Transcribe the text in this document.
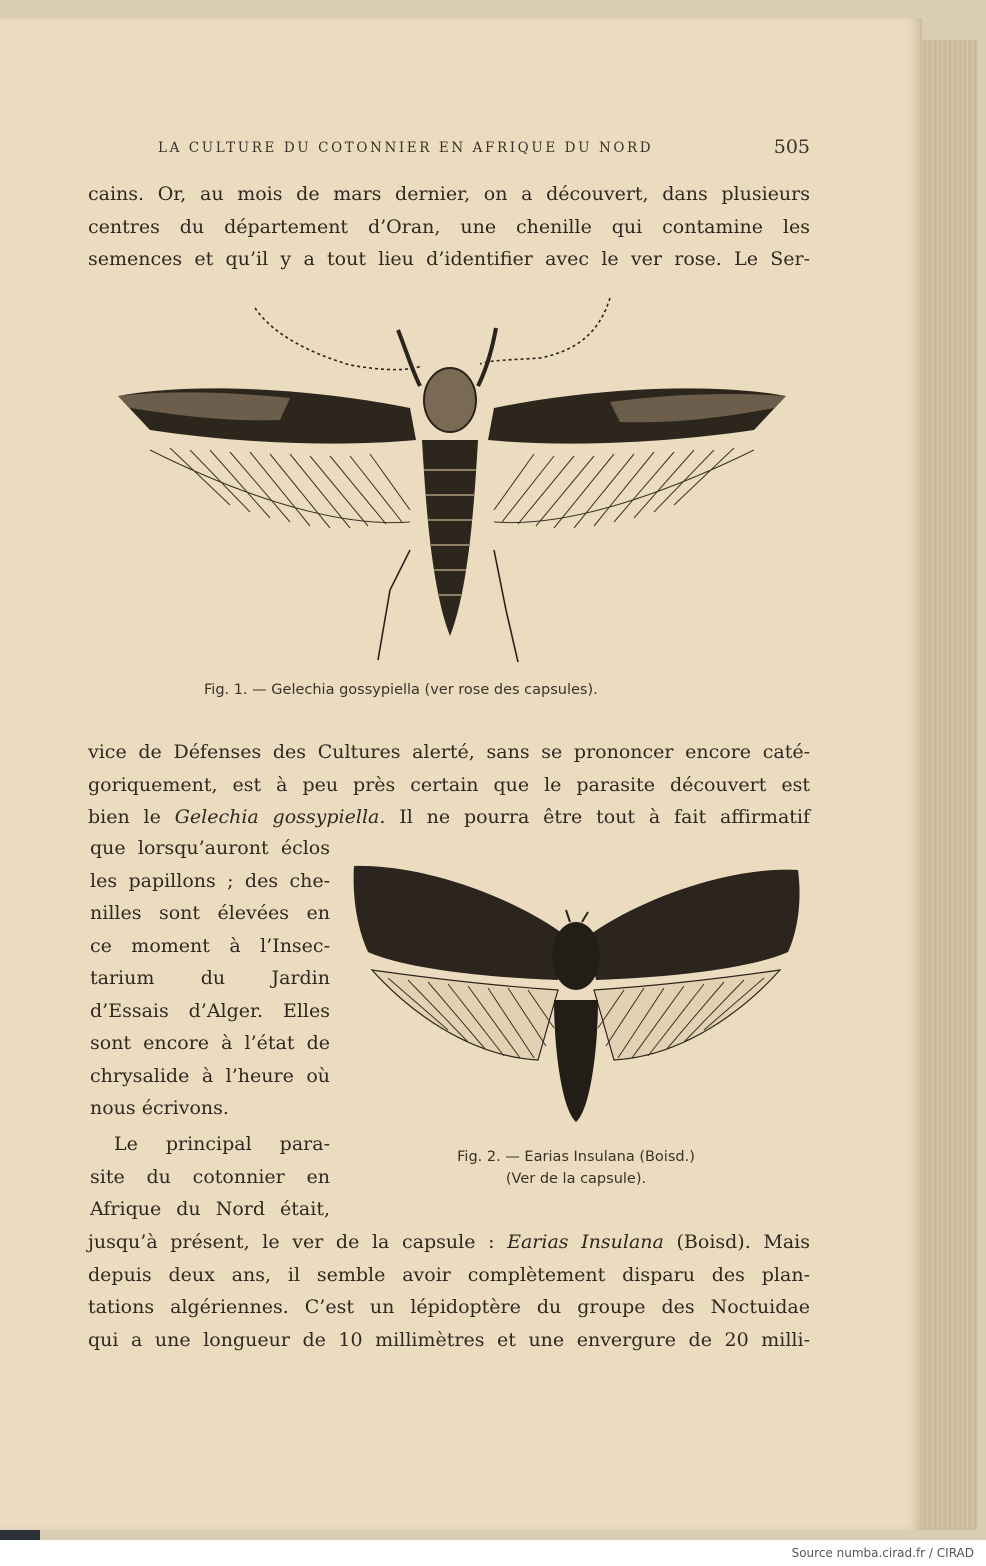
LA CULTURE DU COTONNIER EN AFRIQUE DU NORD	505
cains. Or, au mois de mars dernier, on a découvert, dans plusieurs
centres du département d’Oran, une chenille qui contamine les
semences et qu’il y a tout lieu d’identifier avec le ver rose. Le Ser-
Fig. 1. — Gelechia gossypiella (ver rose des capsules).
vice de Défenses des Cultures alerté, sans se prononcer encore caté-
goriquement, est à peu près certain que le parasite découvert est
bien le Gelechia gossypiella. Il ne pourra être tout à fait affirmatif
que lorsqu’auront éclos
les papillons ; des che-
nilles sont élevées en
ce moment à l’Insec-
tarium du Jardin
d’Essais d’Alger. Elles
sont encore à l’état de
chrysalide à l’heure où
nous écrivons.
Le principal para-
site du cotonnier en
Afrique du Nord était,
Fig. 2. — Earias Insulana (Boisd.)
(Ver de la capsule).
jusqu’à présent, le ver de la capsule : Earias Insulana (Boisd). Mais
depuis deux ans, il semble avoir complètement disparu des plan-
tations algériennes. C’est un lépidoptère du groupe des Noctuidae
qui a une longueur de 10 millimètres et une envergure de 20 milli-
Source numba.cirad.fr / CIRAD
